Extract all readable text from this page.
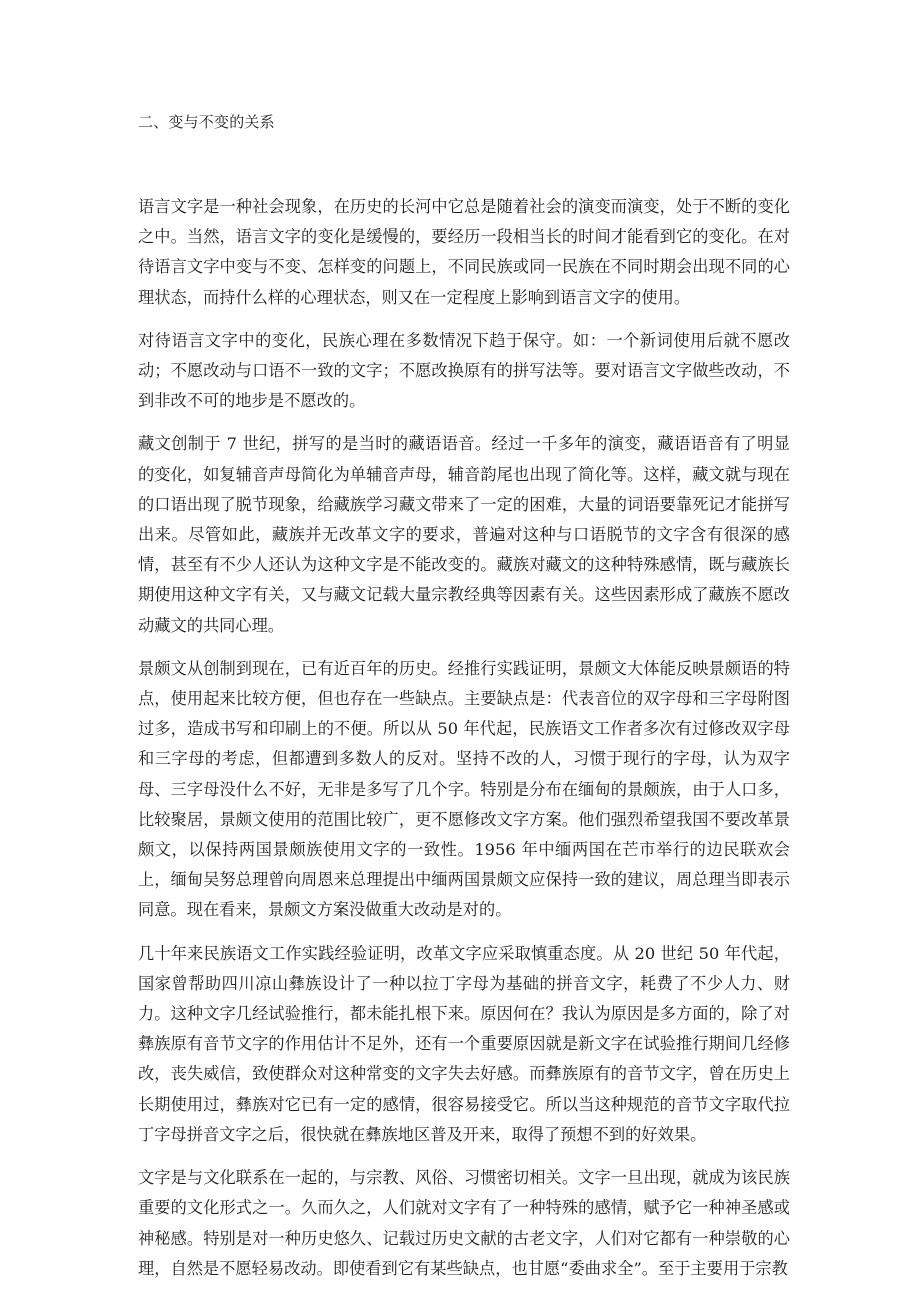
二、变与不变的关系

语言文字是一种社会现象，在历史的长河中它总是随着社会的演变而演变，处于不断的变化之中。当然，语言文字的变化是缓慢的，要经历一段相当长的时间才能看到它的变化。在对待语言文字中变与不变、怎样变的问题上，不同民族或同一民族在不同时期会出现不同的心理状态，而持什么样的心理状态，则又在一定程度上影响到语言文字的使用。

对待语言文字中的变化，民族心理在多数情况下趋于保守。如：一个新词使用后就不愿改动；不愿改动与口语不一致的文字；不愿改换原有的拼写法等。要对语言文字做些改动，不到非改不可的地步是不愿改的。

藏文创制于 7 世纪，拼写的是当时的藏语语音。经过一千多年的演变，藏语语音有了明显的变化，如复辅音声母简化为单辅音声母，辅音韵尾也出现了简化等。这样，藏文就与现在的口语出现了脱节现象，给藏族学习藏文带来了一定的困难，大量的词语要靠死记才能拼写出来。尽管如此，藏族并无改革文字的要求，普遍对这种与口语脱节的文字含有很深的感情，甚至有不少人还认为这种文字是不能改变的。藏族对藏文的这种特殊感情，既与藏族长期使用这种文字有关，又与藏文记载大量宗教经典等因素有关。这些因素形成了藏族不愿改动藏文的共同心理。

景颇文从创制到现在，已有近百年的历史。经推行实践证明，景颇文大体能反映景颇语的特点，使用起来比较方便，但也存在一些缺点。主要缺点是：代表音位的双字母和三字母附图过多，造成书写和印刷上的不便。所以从 50 年代起，民族语文工作者多次有过修改双字母和三字母的考虑，但都遭到多数人的反对。坚持不改的人，习惯于现行的字母，认为双字母、三字母没什么不好，无非是多写了几个字。特别是分布在缅甸的景颇族，由于人口多，比较聚居，景颇文使用的范围比较广，更不愿修改文字方案。他们强烈希望我国不要改革景颇文，以保持两国景颇族使用文字的一致性。1956 年中缅两国在芒市举行的边民联欢会上，缅甸吴努总理曾向周恩来总理提出中缅两国景颇文应保持一致的建议，周总理当即表示同意。现在看来，景颇文方案没做重大改动是对的。

几十年来民族语文工作实践经验证明，改革文字应采取慎重态度。从 20 世纪 50 年代起，国家曾帮助四川凉山彝族设计了一种以拉丁字母为基础的拼音文字，耗费了不少人力、财力。这种文字几经试验推行，都未能扎根下来。原因何在？我认为原因是多方面的，除了对彝族原有音节文字的作用估计不足外，还有一个重要原因就是新文字在试验推行期间几经修改，丧失威信，致使群众对这种常变的文字失去好感。而彝族原有的音节文字，曾在历史上长期使用过，彝族对它已有一定的感情，很容易接受它。所以当这种规范的音节文字取代拉丁字母拼音文字之后，很快就在彝族地区普及开来，取得了预想不到的好效果。

文字是与文化联系在一起的，与宗教、风俗、习惯密切相关。文字一旦出现，就成为该民族重要的文化形式之一。久而久之，人们就对文字有了一种特殊的感情，赋予它一种神圣感或神秘感。特别是对一种历史悠久、记载过历史文献的古老文字，人们对它都有一种崇敬的心理，自然是不愿轻易改动。即使看到它有某些缺点，也甘愿“委曲求全”。至于主要用于宗教
